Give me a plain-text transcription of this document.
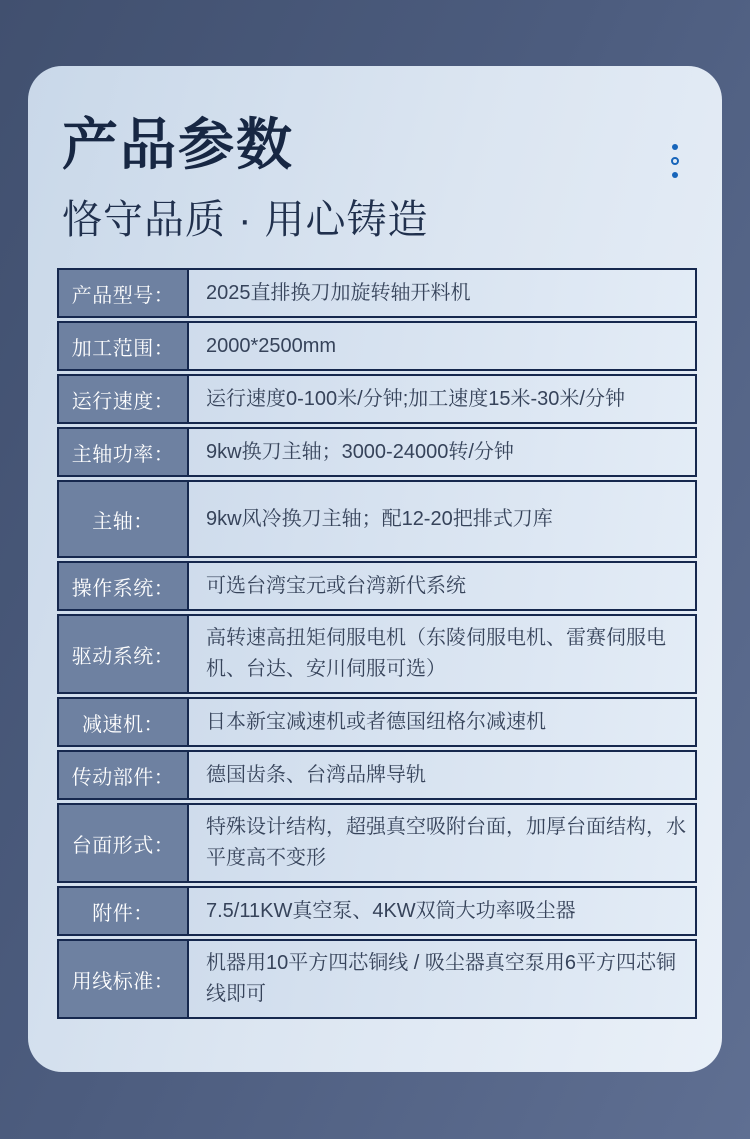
产品参数
恪守品质 · 用心铸造
产品型号：	2025直排换刀加旋转轴开料机
加工范围：	2000*2500mm
运行速度：	运行速度0-100米/分钟;加工速度15米-30米/分钟
主轴功率：	9kw换刀主轴；3000-24000转/分钟
主轴：	9kw风冷换刀主轴；配12-20把排式刀库
操作系统：	可选台湾宝元或台湾新代系统
驱动系统：
高转速高扭矩伺服电机（东陵伺服电机、雷赛伺服电机、台达、安川伺服可选）
减速机：	日本新宝减速机或者德国纽格尔减速机
传动部件：	德国齿条、台湾品牌导轨
台面形式：
特殊设计结构，超强真空吸附台面，加厚台面结构，水平度高不变形
附件：	7.5/11KW真空泵、4KW双筒大功率吸尘器
用线标准：
机器用10平方四芯铜线 / 吸尘器真空泵用6平方四芯铜线即可
